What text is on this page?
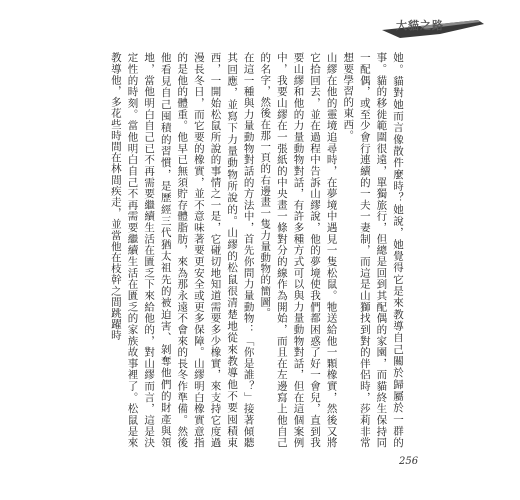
大貓之路

她。貓對她而言像散件麼時？她說，她覺得它是來教導自己關於歸屬於一群的事。貓的移徙範圍很遠，單獨旅行，但總是回到其配偶的家園，而貓終生保持同一配偶，或至少會行連續的一夫一妻制，而這是山獅找到對的伴侶時，莎莉非常想要學習的東西。

山繆在他的靈境追尋時，在夢境中遇見一隻松鼠。牠送給他一顆橡實，然後又將它拾回去，並在過程中告訴山繆說，他的夢境使我們都困惑了好一會兒，直到我要山繆和他的力量動物對話，有許多種方式可以與力量動物對話，但在這個案例中，我要山繆在一張紙的中央畫一條對分的線作為開始，而且在左邊寫上他自己的名字，然後在那一頁的右邊畫一隻力量動物的簡圖。

在這一種與力量動物對話的方法中，首先你問力量動物：「你是誰？」接著傾聽其回應，並寫下力量動物所說的。山繆的松鼠很清楚地從來教導他不要囤積東西，一開始松鼠所說的事情之一是，它碰切地知道需要多少橡實，來支持它度過漫長冬日，而它要的橡實，並不意味著要更安全或更多保障。山繆明白橡實意指的是他的體重。他早已無須貯存體脂肪，來為那永遠不會來的長冬作準備。然後他看見自己囤積的習慣，是歷經三代猶太祖先的被迫害、剝奪他們的財產與領地，當他明白自己已不再需要繼續生活在匱乏下來給他的，對山繆而言，這是決定性的時刻。當他明白自己不再需要繼續生活在匱乏的家族故事裡了。松鼠是來教導他，多花些時間在林間疾走，並當他在枝幹之間跳躍時

256
